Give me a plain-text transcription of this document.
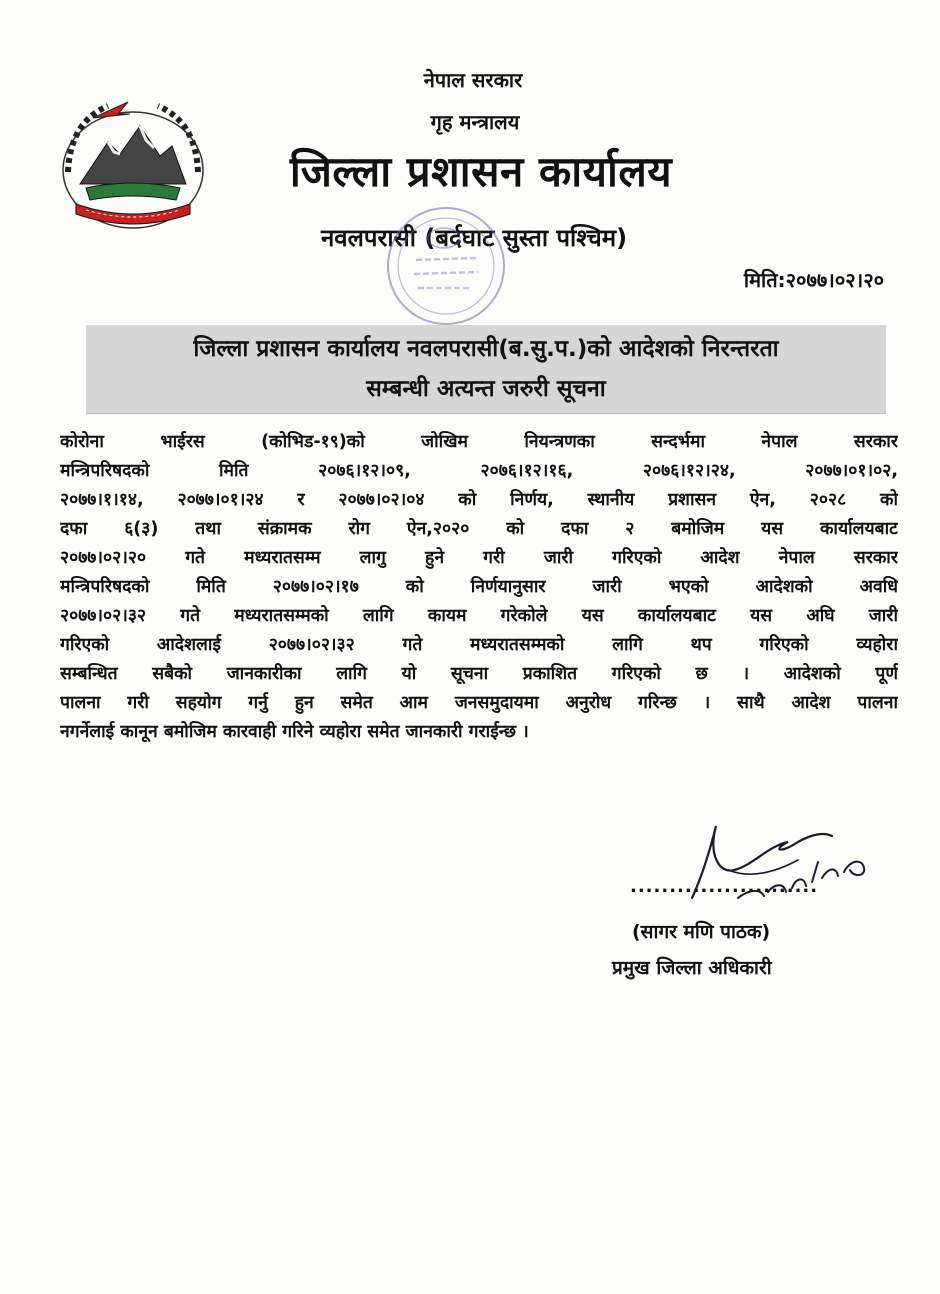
नेपाल सरकार
गृह मन्त्रालय
जिल्ला प्रशासन कार्यालय
नवलपरासी (बर्दघाट सुस्ता पश्चिम)
मिति:२०७७।०२।२०
जिल्ला प्रशासन कार्यालय नवलपरासी(ब.सु.प.)को आदेशको निरन्तरता
सम्बन्धी अत्यन्त जरुरी सूचना
कोरोना भाईरस (कोभिड-१९)को जोखिम नियन्त्रणका सन्दर्भमा नेपाल सरकार
मन्त्रिपरिषदको मिति २०७६।१२।०९, २०७६।१२।१६, २०७६।१२।२४, २०७७।०१।०२,
२०७७।१।१४, २०७७।०१।२४ र २०७७।०२।०४ को निर्णय, स्थानीय प्रशासन ऐन, २०२८ को
दफा ६(३) तथा संक्रामक रोग ऐन,२०२० को दफा २ बमोजिम यस कार्यालयबाट
२०७७।०२।२० गते मध्यरातसम्म लागु हुने गरी जारी गरिएको आदेश नेपाल सरकार
मन्त्रिपरिषदको मिति २०७७।०२।१७ को निर्णयानुसार जारी भएको आदेशको अवधि
२०७७।०२।३२ गते मध्यरातसम्मको लागि कायम गरेकोले यस कार्यालयबाट यस अघि जारी
गरिएको आदेशलाई २०७७।०२।३२ गते मध्यरातसम्मको लागि थप गरिएको व्यहोरा
सम्बन्धित सबैको जानकारीका लागि यो सूचना प्रकाशित गरिएको छ । आदेशको पूर्ण
पालना गरी सहयोग गर्नु हुन समेत आम जनसमुदायमा अनुरोध गरिन्छ । साथै आदेश पालना
नगर्नेलाई कानून बमोजिम कारवाही गरिने व्यहोरा समेत जानकारी गराईन्छ ।
........................
(सागर मणि पाठक)
प्रमुख जिल्ला अधिकारी
